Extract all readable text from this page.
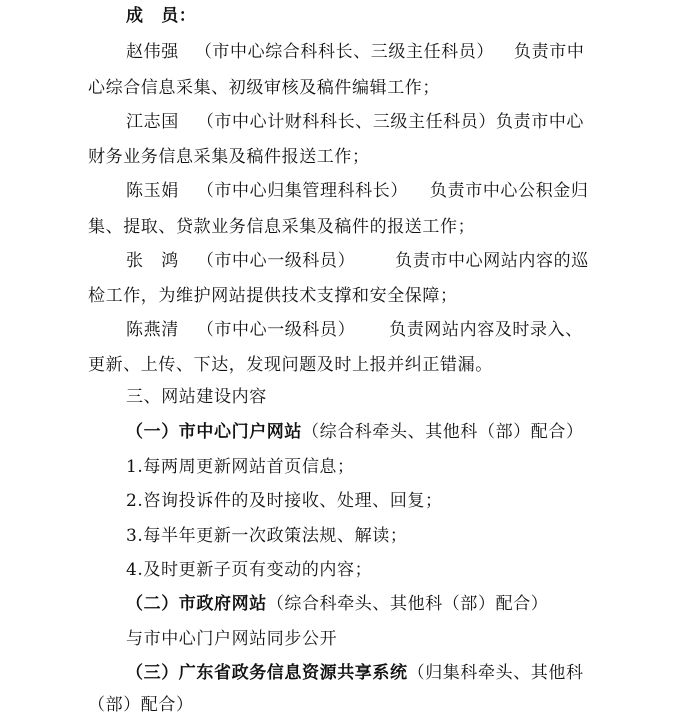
成　员：
赵伟强 （市中心综合科科长、三级主任科员） 负责市中
心综合信息采集、初级审核及稿件编辑工作；
江志国 （市中心计财科科长、三级主任科员）负责市中心
财务业务信息采集及稿件报送工作；
陈玉娟 （市中心归集管理科科长） 负责市中心公积金归
集、提取、贷款业务信息采集及稿件的报送工作；
张　鸿 （市中心一级科员） 负责市中心网站内容的巡
检工作，为维护网站提供技术支撑和安全保障；
陈燕清 （市中心一级科员） 负责网站内容及时录入、
更新、上传、下达，发现问题及时上报并纠正错漏。
三、网站建设内容
（一）市中心门户网站（综合科牵头、其他科（部）配合）
1.每两周更新网站首页信息；
2.咨询投诉件的及时接收、处理、回复；
3.每半年更新一次政策法规、解读；
4.及时更新子页有变动的内容；
（二）市政府网站（综合科牵头、其他科（部）配合）
与市中心门户网站同步公开
（三）广东省政务信息资源共享系统（归集科牵头、其他科
（部）配合）
